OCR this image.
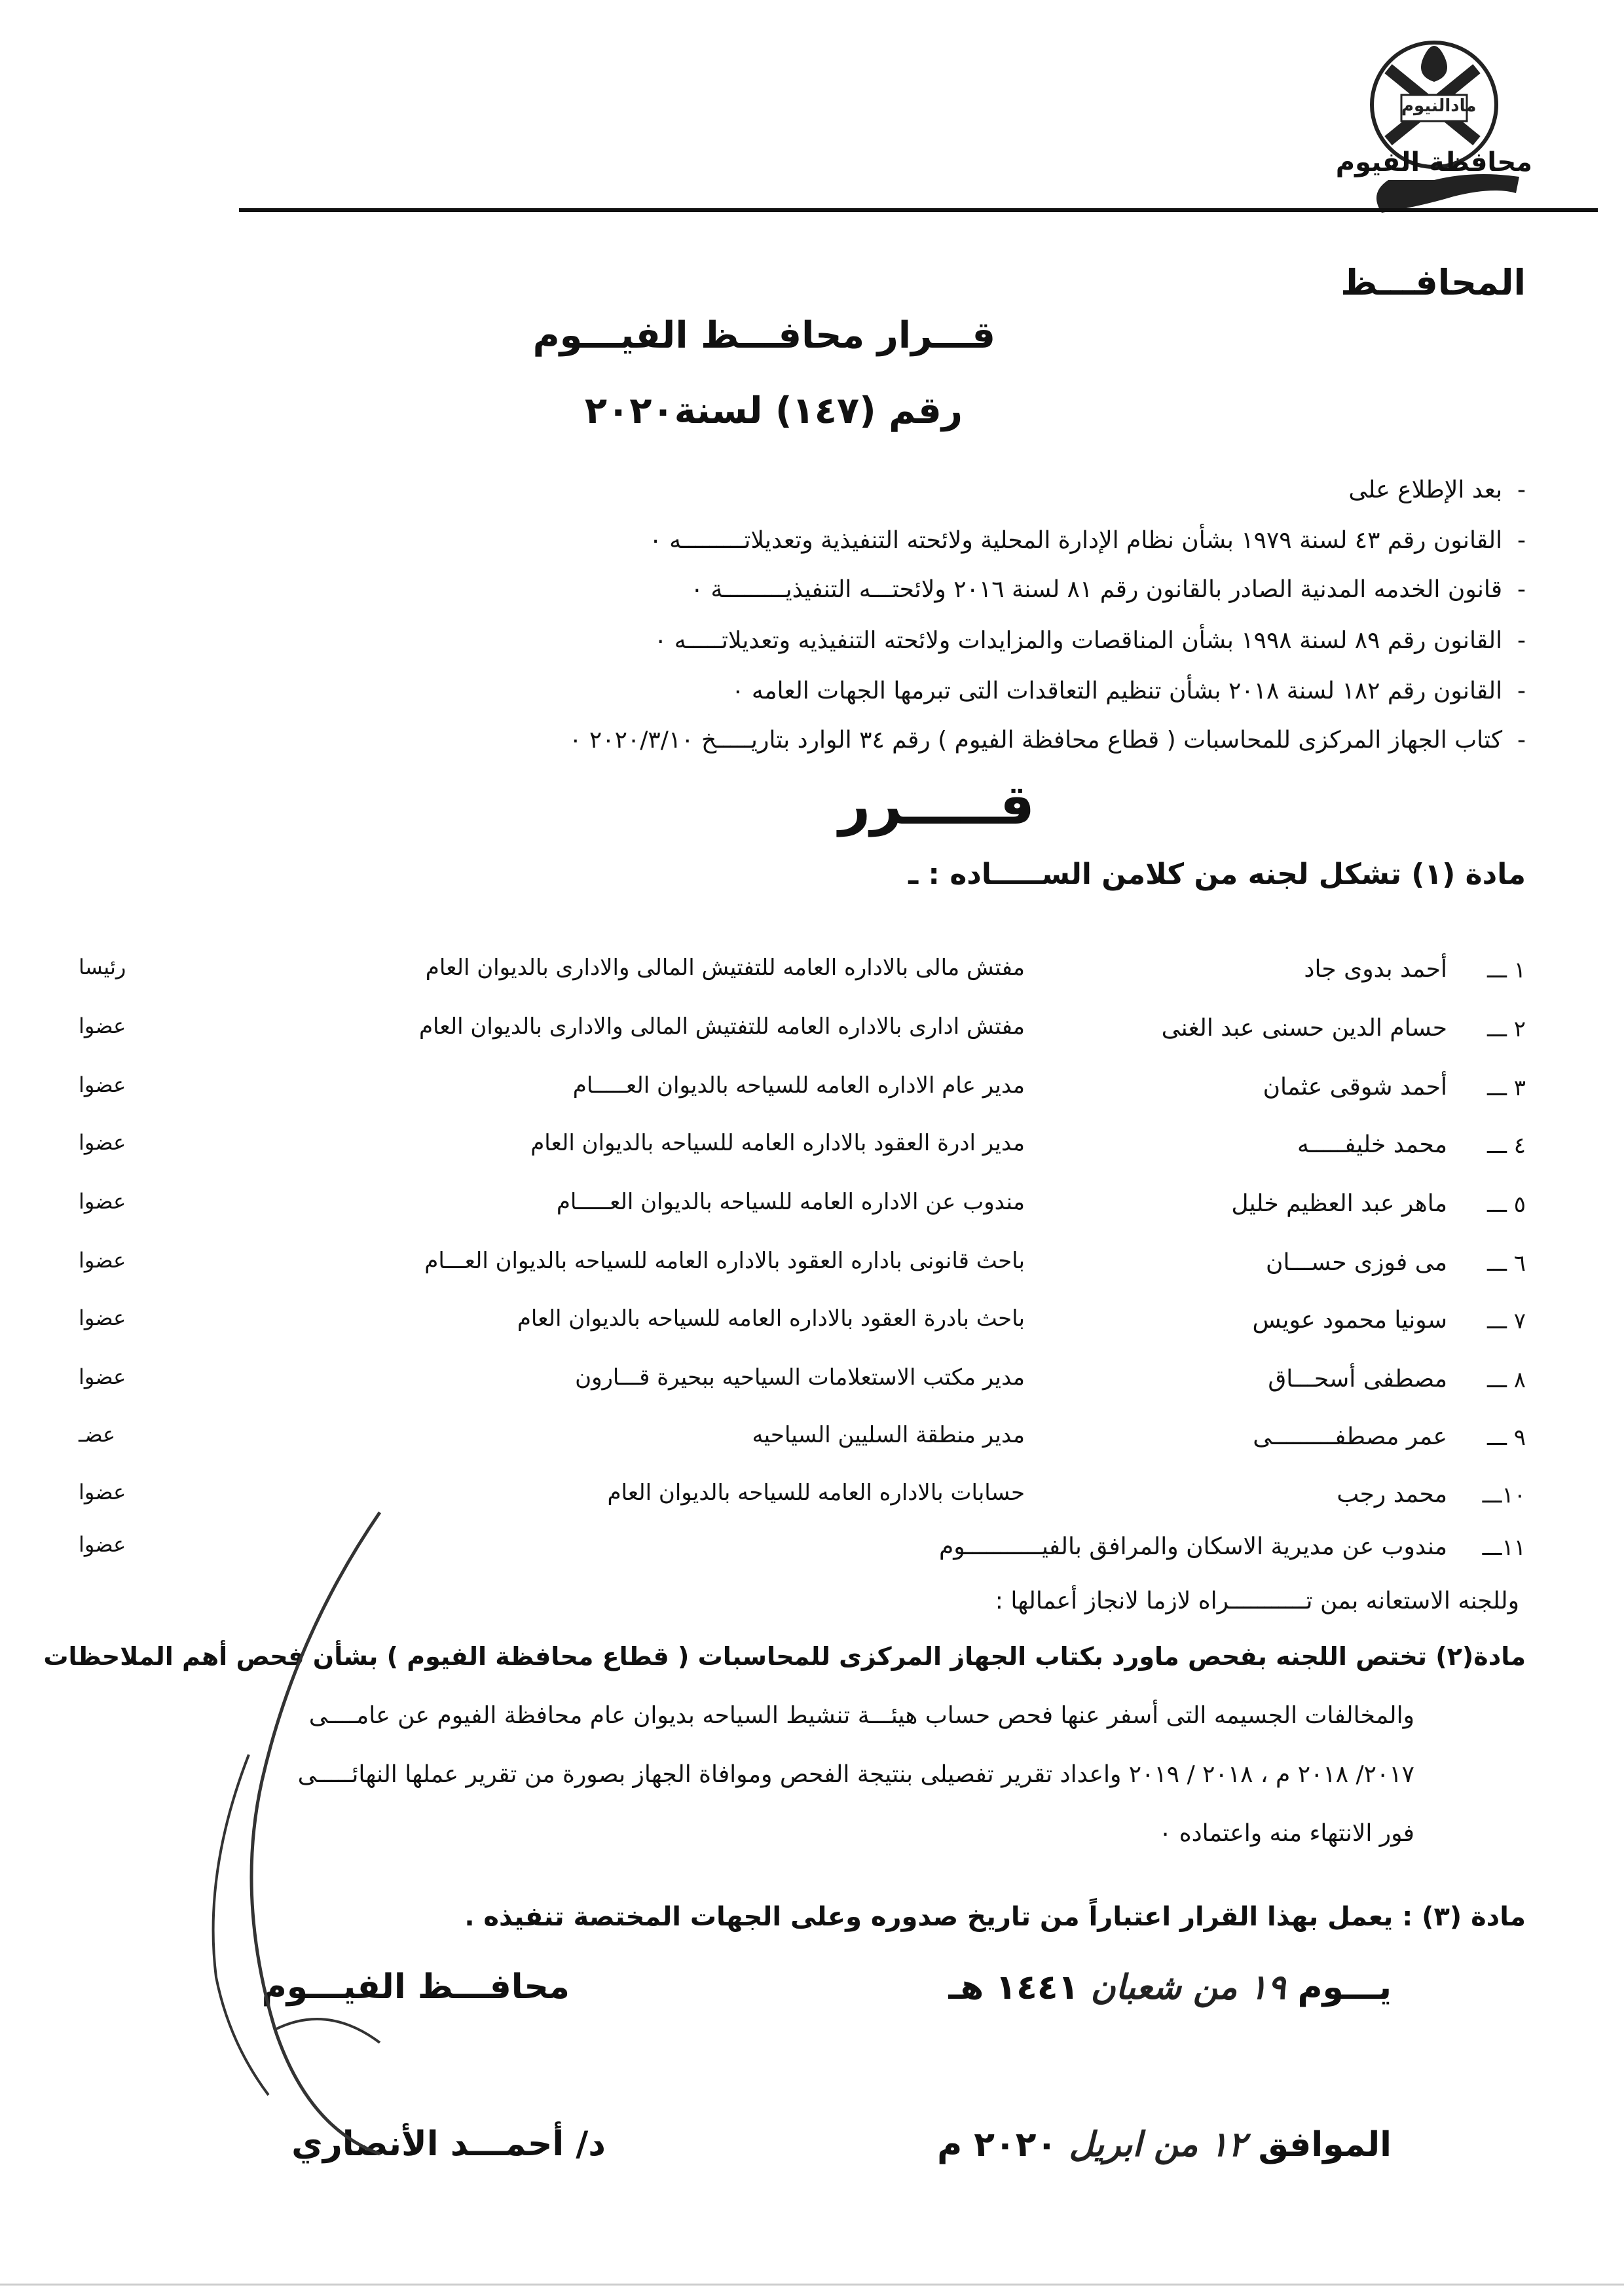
مادالنيوم
محافظة الفيوم
المحافـــظ
قـــرار محافـــظ الفيـــوم
رقم (١٤٧) لسنة٢٠٢٠
-  بعد الإطلاع على
-  القانون رقم ٤٣ لسنة ١٩٧٩ بشأن نظام الإدارة المحلية ولائحته التنفيذية وتعديلاتـــــــــه ٠
-  قانون الخدمه المدنية الصادر بالقانون رقم ٨١ لسنة ٢٠١٦ ولائحتـــه التنفيذيـــــــــة ٠
-  القانون رقم ٨٩ لسنة ١٩٩٨ بشأن المناقصات والمزايدات ولائحته التنفيذيه وتعديلاتـــــه ٠
-  القانون رقم ١٨٢ لسنة ٢٠١٨ بشأن تنظيم التعاقدات التى تبرمها الجهات العامه ٠
-  كتاب الجهاز المركزى للمحاسبات ( قطاع محافظة الفيوم ) رقم ٣٤ الوارد بتاريـــــخ ٢٠٢٠/٣/١٠ ٠
قـــــرر
مادة (١) تشكل لجنه من كلامن الســـــاده : ـ
١ ـــ
أحمد بدوى جاد
مفتش مالى بالاداره العامه للتفتيش المالى والادارى بالديوان العام
رئيسا
٢ ـــ
حسام الدين حسنى عبد الغنى
مفتش ادارى بالاداره العامه للتفتيش المالى والادارى بالديوان العام
عضوا
٣ ـــ
أحمد شوقى عثمان
مدير عام الاداره العامه للسياحه بالديوان العـــــام
عضوا
٤ ـــ
محمد خليفـــــه
مدير ادرة العقود بالاداره العامه للسياحه بالديوان العام
عضوا
٥ ـــ
ماهر عبد العظيم خليل
مندوب عن الاداره العامه للسياحه بالديوان العـــــام
عضوا
٦ ـــ
مى فوزى حســـان
باحث قانونى باداره العقود بالاداره العامه للسياحه بالديوان العـــام
عضوا
٧ ـــ
سونيا محمود عويس
باحث بادرة العقود بالاداره العامه للسياحه بالديوان العام
عضوا
٨ ـــ
مصطفى أسحـــاق
مدير مكتب الاستعلامات السياحيه ببحيرة قـــارون
عضوا
٩ ـــ
عمر مصطفـــــــــى
مدير منطقة السليين السياحيه
عضـ
١٠ـــ
محمد رجب
حسابات بالاداره العامه للسياحه بالديوان العام
عضوا
١١ـــ
مندوب عن مديرية الاسكان والمرافق بالفيـــــــــــوم
عضوا
وللجنه الاستعانه بمن تـــــــــــراه لازما لانجاز أعمالها :
مادة(٢) تختص اللجنه بفحص ماورد بكتاب الجهاز المركزى للمحاسبات ( قطاع محافظة الفيوم ) بشأن فحص أهم الملاحظات
والمخالفات الجسيمه التى أسفر عنها فحص حساب هيئـــة تنشيط السياحه بديوان عام محافظة الفيوم عن عامــــى
٢٠١٧/ ٢٠١٨ م ، ٢٠١٨ / ٢٠١٩ واعداد تقرير تفصيلى بنتيجة الفحص وموافاة الجهاز بصورة من تقرير عملها النهائـــــى
فور الانتهاء منه واعتماده ٠
مادة (٣) : يعمل بهذا القرار اعتباراً من تاريخ صدوره وعلى الجهات المختصة تنفيذه .
محافـــظ الفيـــوم
د/ أحمـــد الأنصاري
يـــوم ١٩ من شعبان ١٤٤١ هـ
الموافق ١٢ من ابريل ٢٠٢٠ م
